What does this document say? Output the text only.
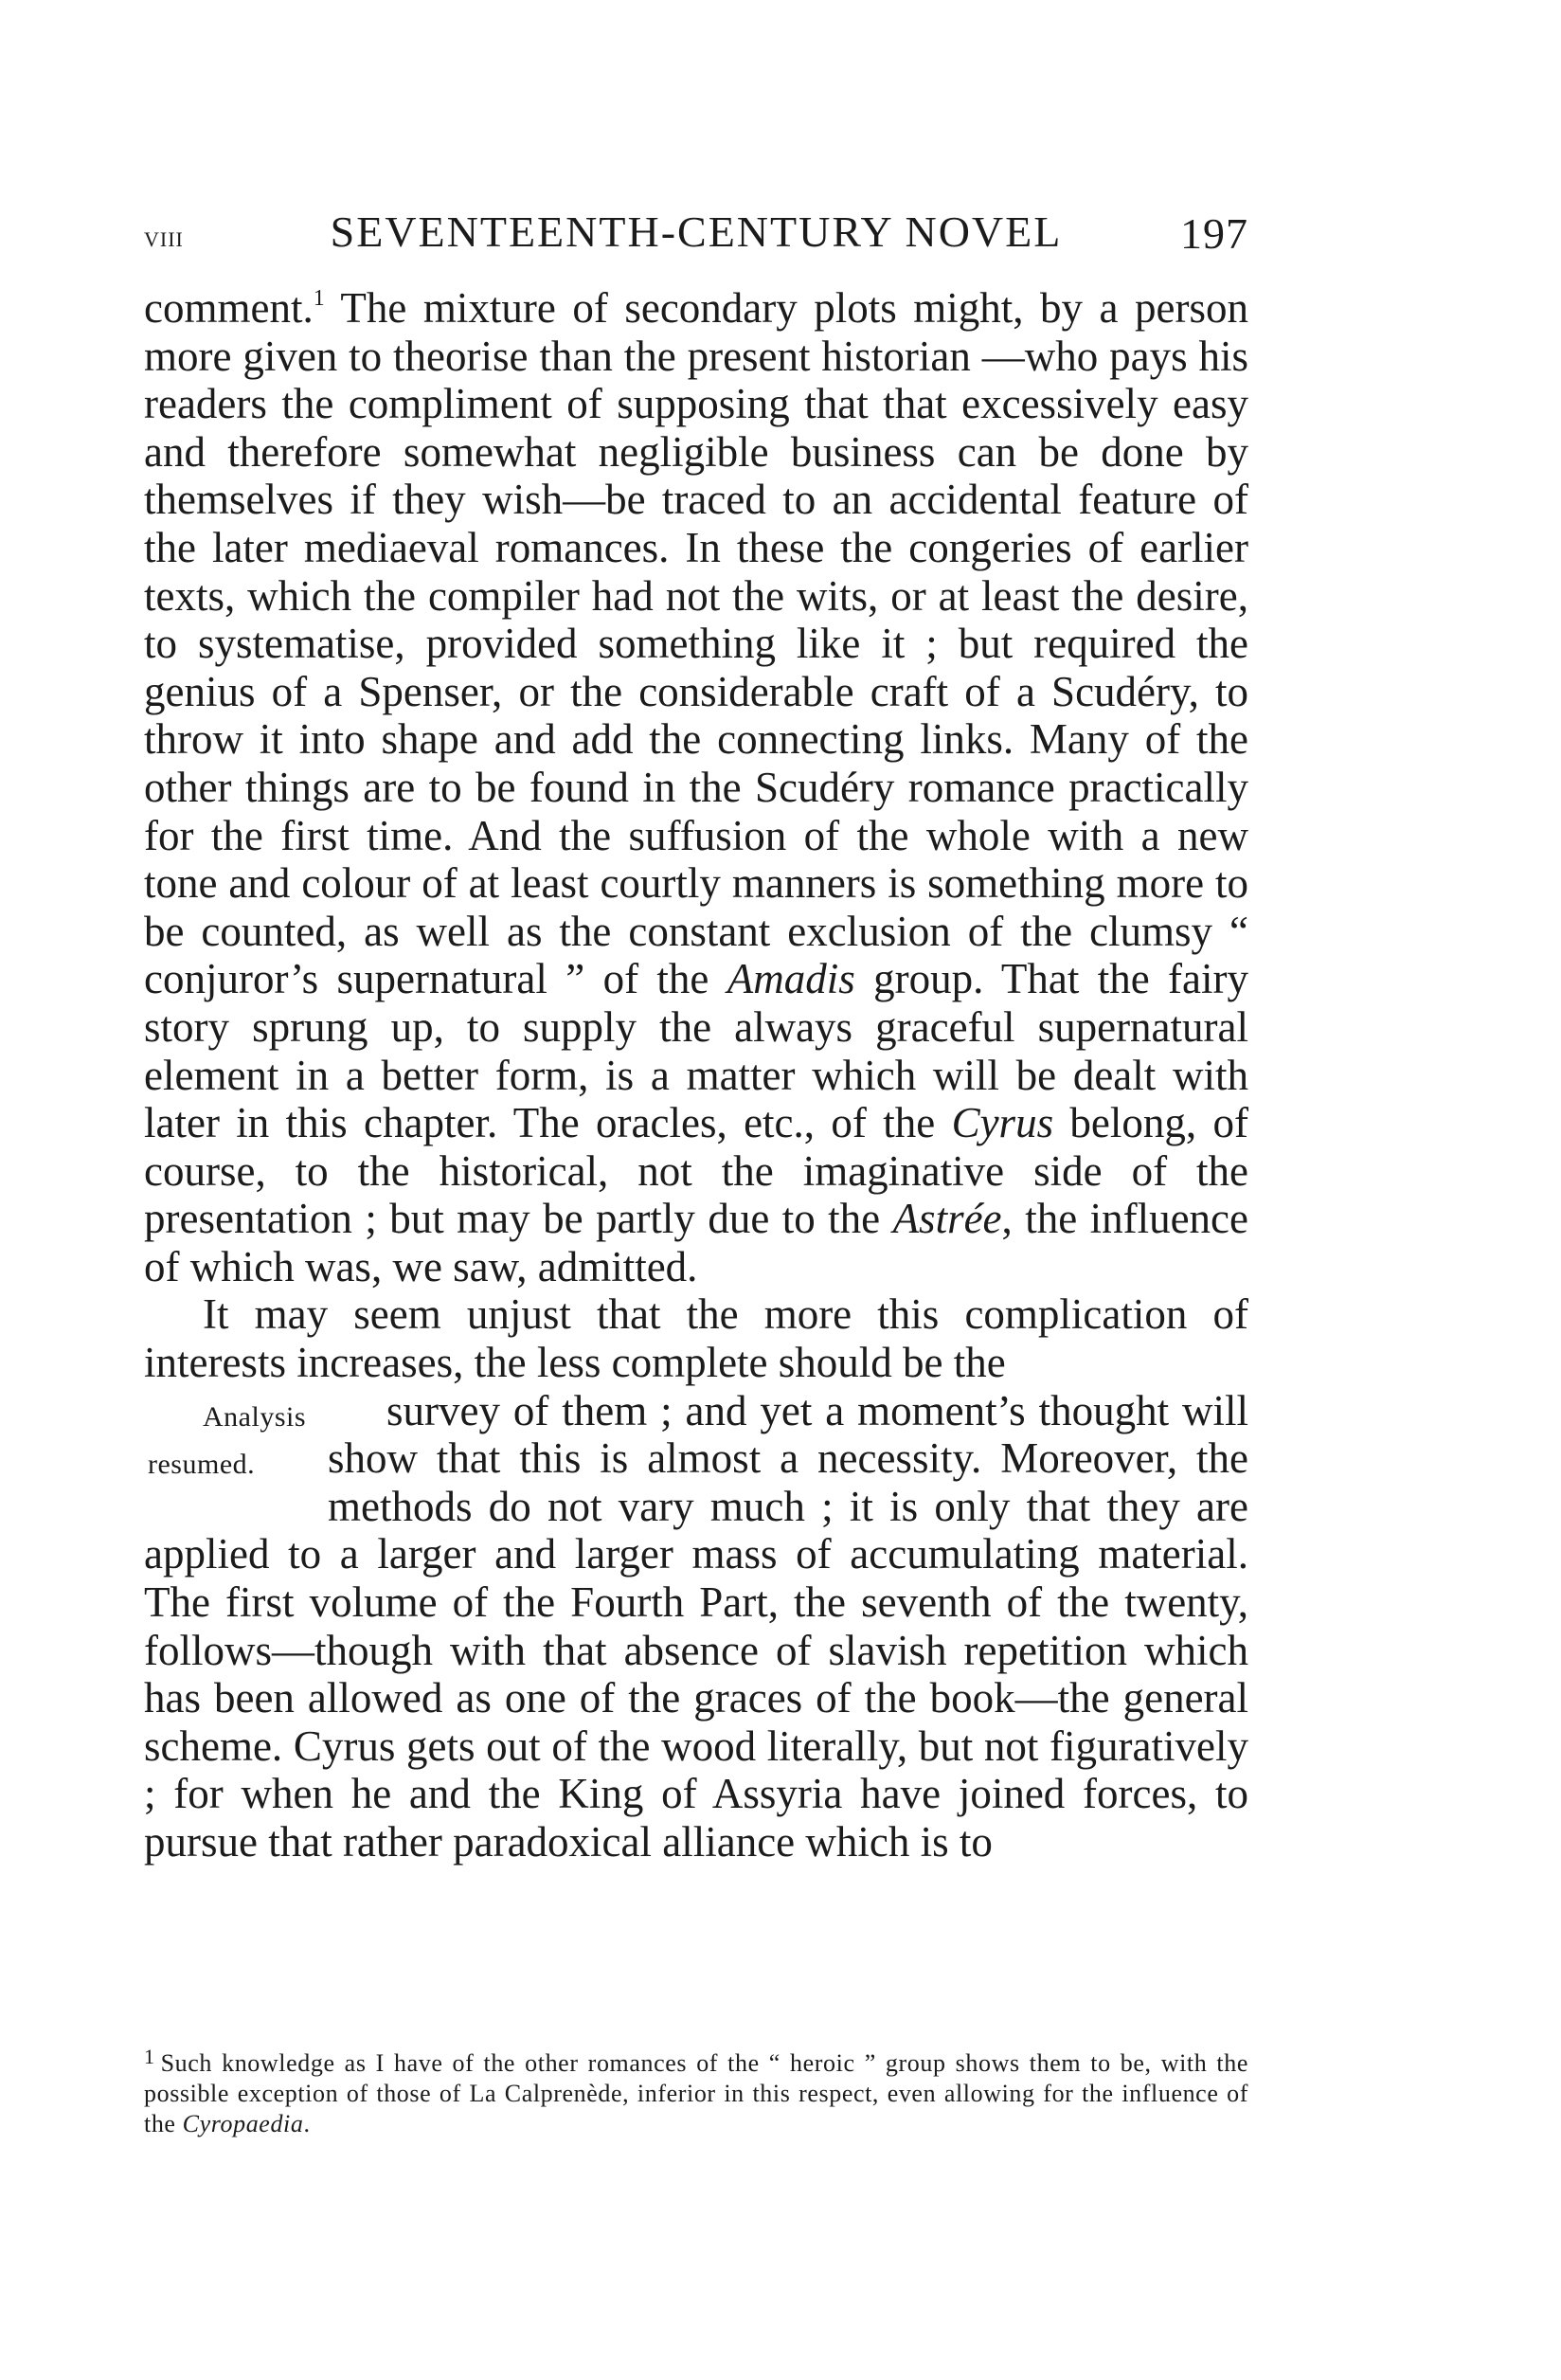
viii	SEVENTEENTH-CENTURY NOVEL	197

comment.$^1$ The mixture of secondary plots might, by a person more given to theorise than the present historian —who pays his readers the compliment of supposing that that excessively easy and therefore somewhat negligible business can be done by themselves if they wish—be traced to an accidental feature of the later mediaeval romances. In these the congeries of earlier texts, which the compiler had not the wits, or at least the desire, to systematise, provided something like it ; but required the genius of a Spenser, or the considerable craft of a Scudéry, to throw it into shape and add the connecting links. Many of the other things are to be found in the Scudéry romance practically for the first time. And the suffusion of the whole with a new tone and colour of at least courtly manners is something more to be counted, as well as the constant exclusion of the clumsy “ conjuror’s supernatural ” of the Amadis group. That the fairy story sprung up, to supply the always graceful supernatural element in a better form, is a matter which will be dealt with later in this chapter. The oracles, etc., of the Cyrus belong, of course, to the historical, not the imaginative side of the presentation ; but may be partly due to the Astrée, the influence of which was, we saw, admitted.

It may seem unjust that the more this complication of interests increases, the less complete should be the

Analysis
resumed.
survey of them ; and yet a moment’s thought will show that this is almost a necessity. Moreover, the methods do not vary much ; it is only that they are applied to a larger and larger mass of accumulating material. The first volume of the Fourth Part, the seventh of the twenty, follows—though with that absence of slavish repetition which has been allowed as one of the graces of the book—the general scheme. Cyrus gets out of the wood literally, but not figuratively ; for when he and the King of Assyria have joined forces, to pursue that rather paradoxical alliance which is to

$^1$ Such knowledge as I have of the other romances of the “ heroic ” group shows them to be, with the possible exception of those of La Calprenède, inferior in this respect, even allowing for the influence of the Cyropaedia.
